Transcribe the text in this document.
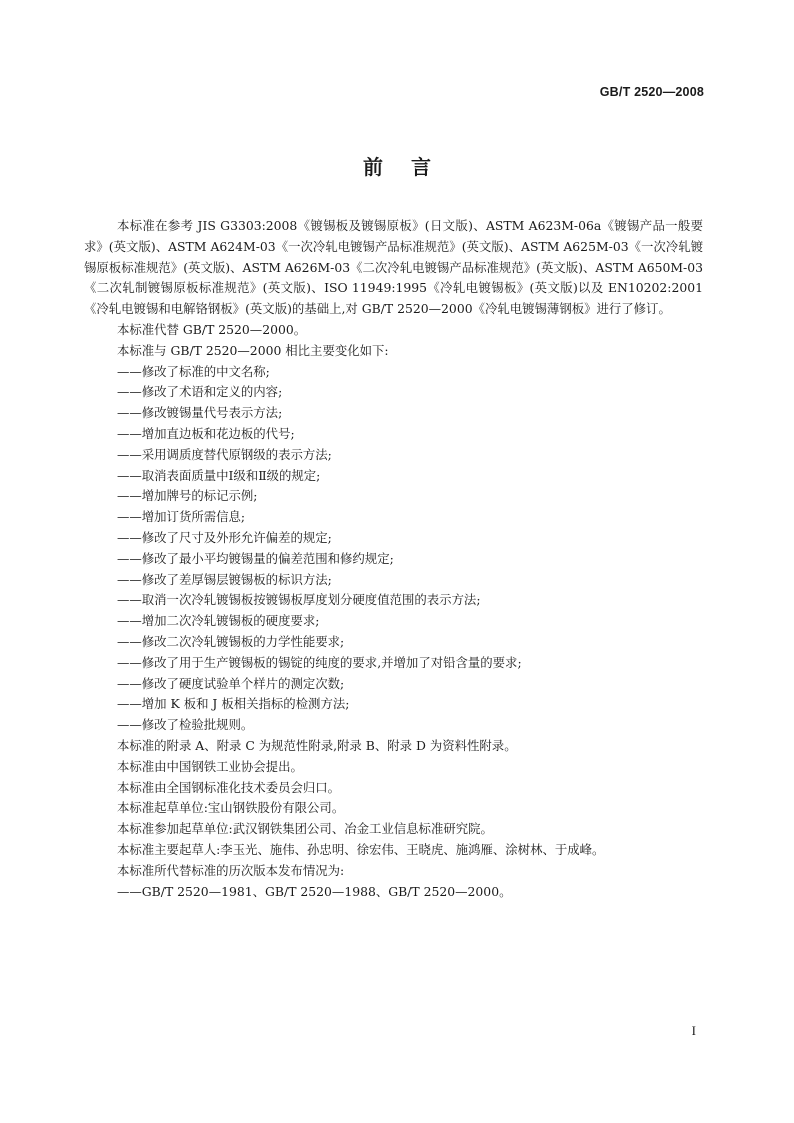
GB/T 2520—2008
前言
本标准在参考 JIS G3303:2008《镀锡板及镀锡原板》(日文版)、ASTM A623M-06a《镀锡产品一般要求》(英文版)、ASTM A624M-03《一次冷轧电镀锡产品标准规范》(英文版)、ASTM A625M-03《一次冷轧镀锡原板标准规范》(英文版)、ASTM A626M-03《二次冷轧电镀锡产品标准规范》(英文版)、ASTM A650M-03《二次轧制镀锡原板标准规范》(英文版)、ISO 11949:1995《冷轧电镀锡板》(英文版)以及 EN10202:2001《冷轧电镀锡和电解铬钢板》(英文版)的基础上,对 GB/T 2520—2000《冷轧电镀锡薄钢板》进行了修订。
本标准代替 GB/T 2520—2000。
本标准与 GB/T 2520—2000 相比主要变化如下:
——修改了标准的中文名称;
——修改了术语和定义的内容;
——修改镀锡量代号表示方法;
——增加直边板和花边板的代号;
——采用调质度替代原钢级的表示方法;
——取消表面质量中Ⅰ级和Ⅱ级的规定;
——增加牌号的标记示例;
——增加订货所需信息;
——修改了尺寸及外形允许偏差的规定;
——修改了最小平均镀锡量的偏差范围和修约规定;
——修改了差厚锡层镀锡板的标识方法;
——取消一次冷轧镀锡板按镀锡板厚度划分硬度值范围的表示方法;
——增加二次冷轧镀锡板的硬度要求;
——修改二次冷轧镀锡板的力学性能要求;
——修改了用于生产镀锡板的锡锭的纯度的要求,并增加了对铅含量的要求;
——修改了硬度试验单个样片的测定次数;
——增加 K 板和 J 板相关指标的检测方法;
——修改了检验批规则。
本标准的附录 A、附录 C 为规范性附录,附录 B、附录 D 为资料性附录。
本标准由中国钢铁工业协会提出。
本标准由全国钢标准化技术委员会归口。
本标准起草单位:宝山钢铁股份有限公司。
本标准参加起草单位:武汉钢铁集团公司、冶金工业信息标准研究院。
本标准主要起草人:李玉光、施伟、孙忠明、徐宏伟、王晓虎、施鸿雁、涂树林、于成峰。
本标准所代替标准的历次版本发布情况为:
——GB/T 2520—1981、GB/T 2520—1988、GB/T 2520—2000。
I
